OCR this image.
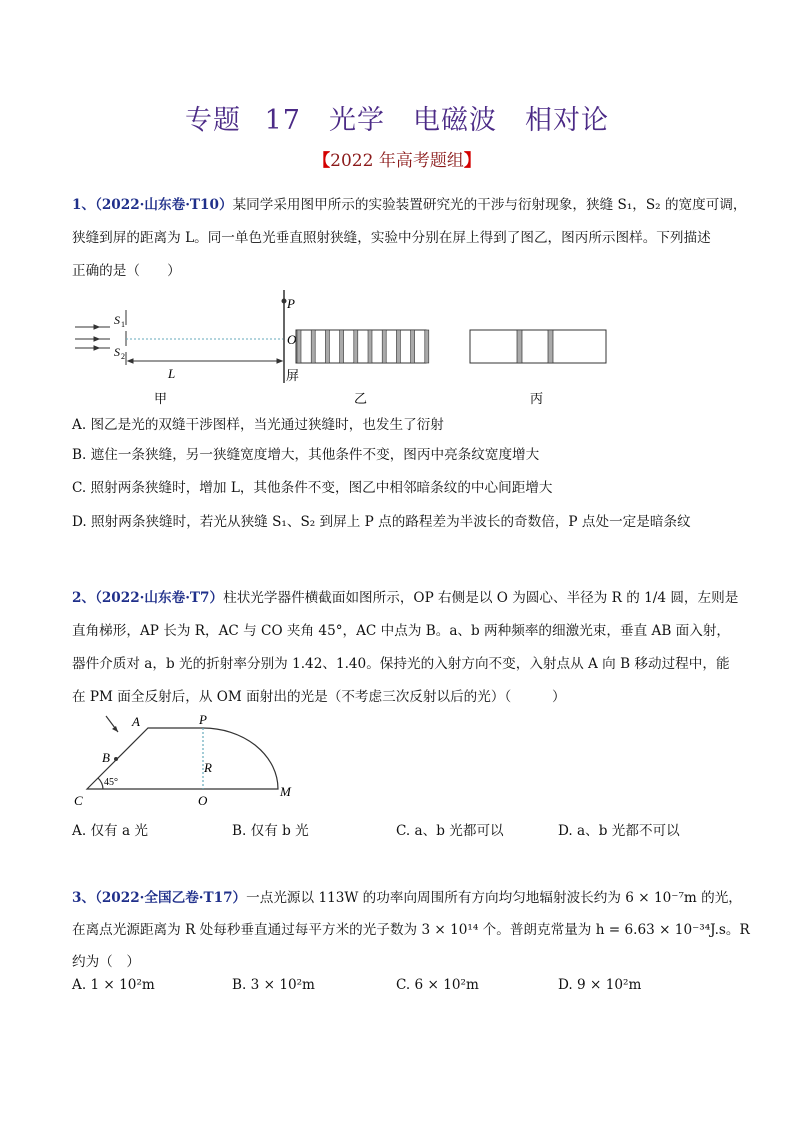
专题 17　光学　电磁波　相对论
【2022 年高考题组】
1、（2022·山东卷·T10）某同学采用图甲所示的实验装置研究光的干涉与衍射现象，狭缝 S₁，S₂ 的宽度可调，
狭缝到屏的距离为 L。同一单色光垂直照射狭缝，实验中分别在屏上得到了图乙，图丙所示图样。下列描述
正确的是（　　）
P
O
S 1
S 2
L	屏
甲	乙	丙
A. 图乙是光的双缝干涉图样，当光通过狭缝时，也发生了衍射
B. 遮住一条狭缝，另一狭缝宽度增大，其他条件不变，图丙中亮条纹宽度增大
C. 照射两条狭缝时，增加 L，其他条件不变，图乙中相邻暗条纹的中心间距增大
D. 照射两条狭缝时，若光从狭缝 S₁、S₂ 到屏上 P 点的路程差为半波长的奇数倍，P 点处一定是暗条纹
2、（2022·山东卷·T7）柱状光学器件横截面如图所示，OP 右侧是以 O 为圆心、半径为 R 的 1/4 圆，左则是
直角梯形，AP 长为 R，AC 与 CO 夹角 45°，AC 中点为 B。a、b 两种频率的细激光束，垂直 AB 面入射，
器件介质对 a，b 光的折射率分别为 1.42、1.40。保持光的入射方向不变，入射点从 A 向 B 移动过程中，能
在 PM 面全反射后，从 OM 面射出的光是（不考虑三次反射以后的光）（　　　）
A	P
B
R
C	O
M
45°
A. 仅有 a 光	B. 仅有 b 光	C. a、b 光都可以	D. a、b 光都不可以
3、（2022·全国乙卷·T17）一点光源以 113W 的功率向周围所有方向均匀地辐射波长约为 6 × 10⁻⁷m 的光，
在离点光源距离为 R 处每秒垂直通过每平方米的光子数为 3 × 10¹⁴ 个。普朗克常量为 h = 6.63 × 10⁻³⁴J.s。R
约为（　）
A. 1 × 10²m	B. 3 × 10²m	C. 6 × 10²m	D. 9 × 10²m
